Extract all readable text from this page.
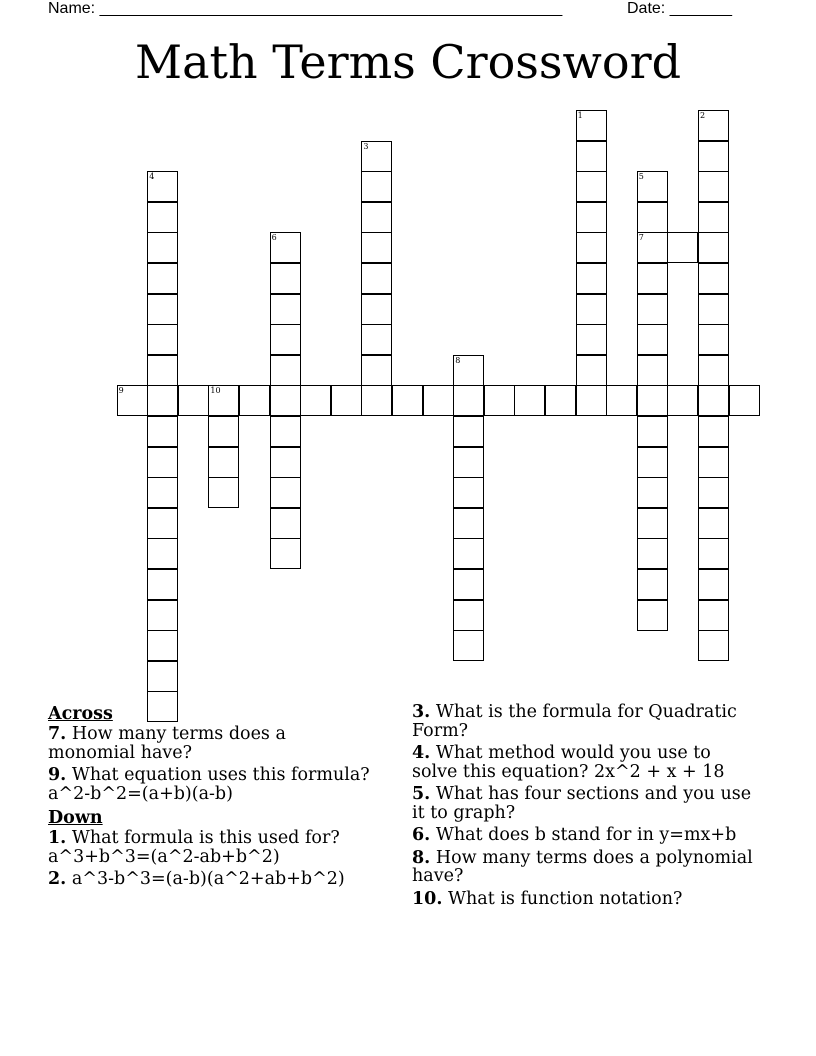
Name: ____________________________________________________	Date: _______
Math Terms Crossword
1	2
3
4	5
7
6
8
9	10
Across
7. How many terms does a monomial have?
9. What equation uses this formula? a^2-b^2=(a+b)(a-b)
Down
1. What formula is this used for? a^3+b^3=(a^2-ab+b^2)
2. a^3-b^3=(a-b)(a^2+ab+b^2)
3. What is the formula for Quadratic Form?
4. What method would you use to solve this equation? 2x^2 + x + 18
5. What has four sections and you use it to graph?
6. What does b stand for in y=mx+b
8. How many terms does a polynomial have?
10. What is function notation?
